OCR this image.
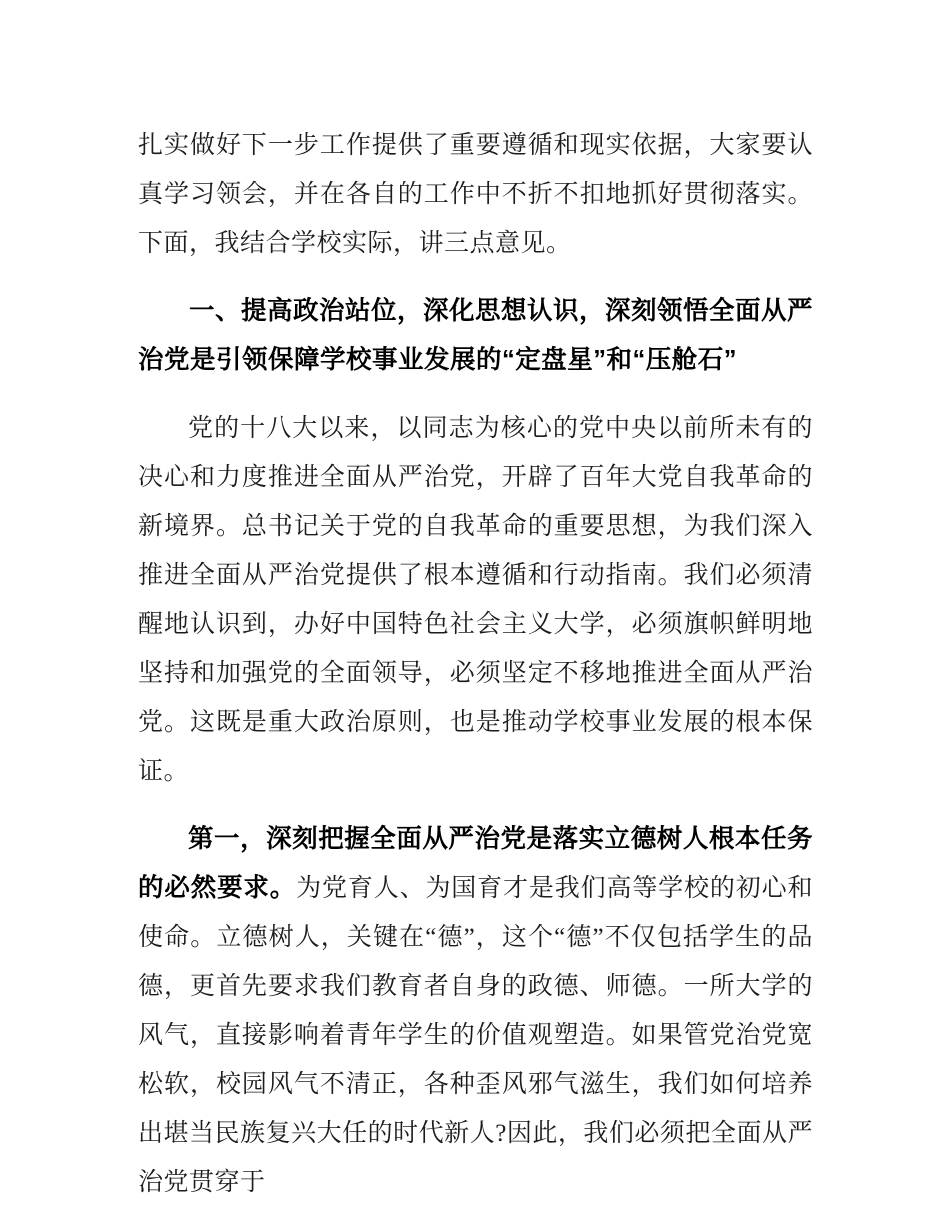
扎实做好下一步工作提供了重要遵循和现实依据，大家要认真学习领会，并在各自的工作中不折不扣地抓好贯彻落实。下面，我结合学校实际，讲三点意见。

一、提高政治站位，深化思想认识，深刻领悟全面从严治党是引领保障学校事业发展的“定盘星”和“压舱石”

党的十八大以来，以同志为核心的党中央以前所未有的决心和力度推进全面从严治党，开辟了百年大党自我革命的新境界。总书记关于党的自我革命的重要思想，为我们深入推进全面从严治党提供了根本遵循和行动指南。我们必须清醒地认识到，办好中国特色社会主义大学，必须旗帜鲜明地坚持和加强党的全面领导，必须坚定不移地推进全面从严治党。这既是重大政治原则，也是推动学校事业发展的根本保证。

第一，深刻把握全面从严治党是落实立德树人根本任务的必然要求。为党育人、为国育才是我们高等学校的初心和使命。立德树人，关键在“德”，这个“德”不仅包括学生的品德，更首先要求我们教育者自身的政德、师德。一所大学的风气，直接影响着青年学生的价值观塑造。如果管党治党宽松软，校园风气不清正，各种歪风邪气滋生，我们如何培养出堪当民族复兴大任的时代新人?因此，我们必须把全面从严治党贯穿于
